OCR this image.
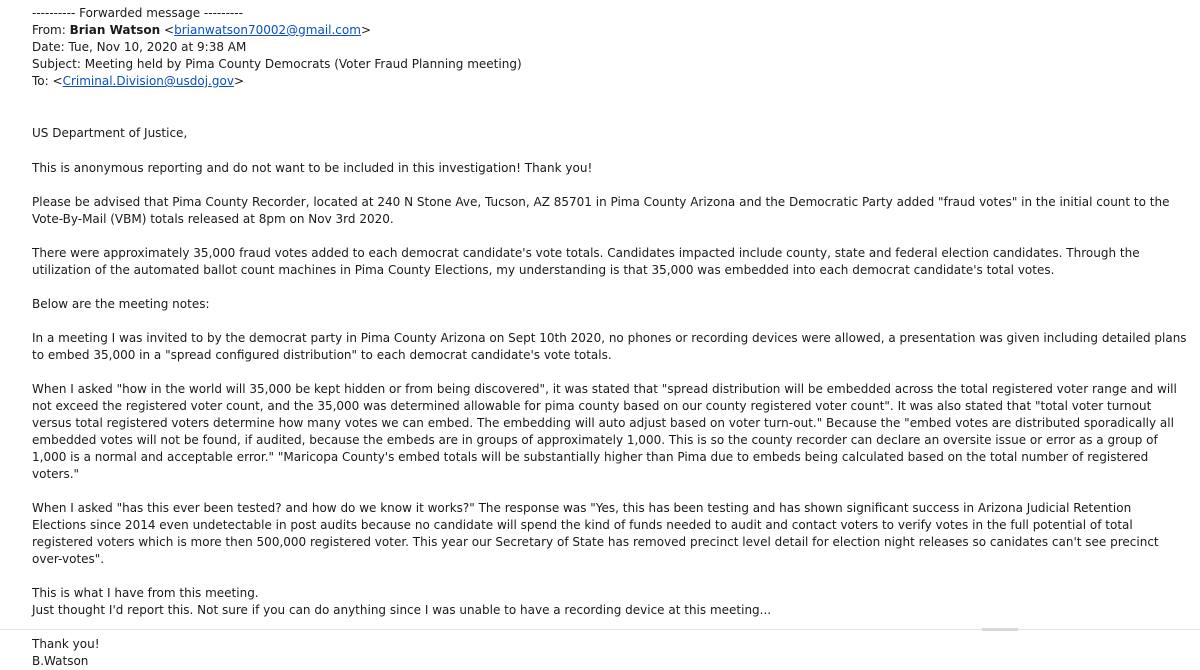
---------- Forwarded message ---------
From: Brian Watson <brianwatson70002@gmail.com>
Date: Tue, Nov 10, 2020 at 9:38 AM
Subject: Meeting held by Pima County Democrats (Voter Fraud Planning meeting)
To: <Criminal.Division@usdoj.gov>

US Department of Justice,

This is anonymous reporting and do not want to be included in this investigation! Thank you!

Please be advised that Pima County Recorder, located at 240 N Stone Ave, Tucson, AZ 85701 in Pima County Arizona and the Democratic Party added "fraud votes" in the initial count to the Vote-By-Mail (VBM) totals released at 8pm on Nov 3rd 2020.

There were approximately 35,000 fraud votes added to each democrat candidate's vote totals. Candidates impacted include county, state and federal election candidates. Through the utilization of the automated ballot count machines in Pima County Elections, my understanding is that 35,000 was embedded into each democrat candidate's total votes.

Below are the meeting notes:

In a meeting I was invited to by the democrat party in Pima County Arizona on Sept 10th 2020, no phones or recording devices were allowed, a presentation was given including detailed plans to embed 35,000 in a "spread configured distribution" to each democrat candidate's vote totals.

When I asked "how in the world will 35,000 be kept hidden or from being discovered", it was stated that "spread distribution will be embedded across the total registered voter range and will not exceed the registered voter count, and the 35,000 was determined allowable for pima county based on our county registered voter count". It was also stated that "total voter turnout versus total registered voters determine how many votes we can embed. The embedding will auto adjust based on voter turn-out." Because the "embed votes are distributed sporadically all embedded votes will not be found, if audited, because the embeds are in groups of approximately 1,000. This is so the county recorder can declare an oversite issue or error as a group of 1,000 is a normal and acceptable error." "Maricopa County's embed totals will be substantially higher than Pima due to embeds being calculated based on the total number of registered voters."

When I asked "has this ever been tested? and how do we know it works?" The response was "Yes, this has been testing and has shown significant success in Arizona Judicial Retention Elections since 2014 even undetectable in post audits because no candidate will spend the kind of funds needed to audit and contact voters to verify votes in the full potential of total registered voters which is more then 500,000 registered voter. This year our Secretary of State has removed precinct level detail for election night releases so canidates can't see precinct over-votes".

This is what I have from this meeting.

Just thought I'd report this. Not sure if you can do anything since I was unable to have a recording device at this meeting...

Thank you!

B.Watson
